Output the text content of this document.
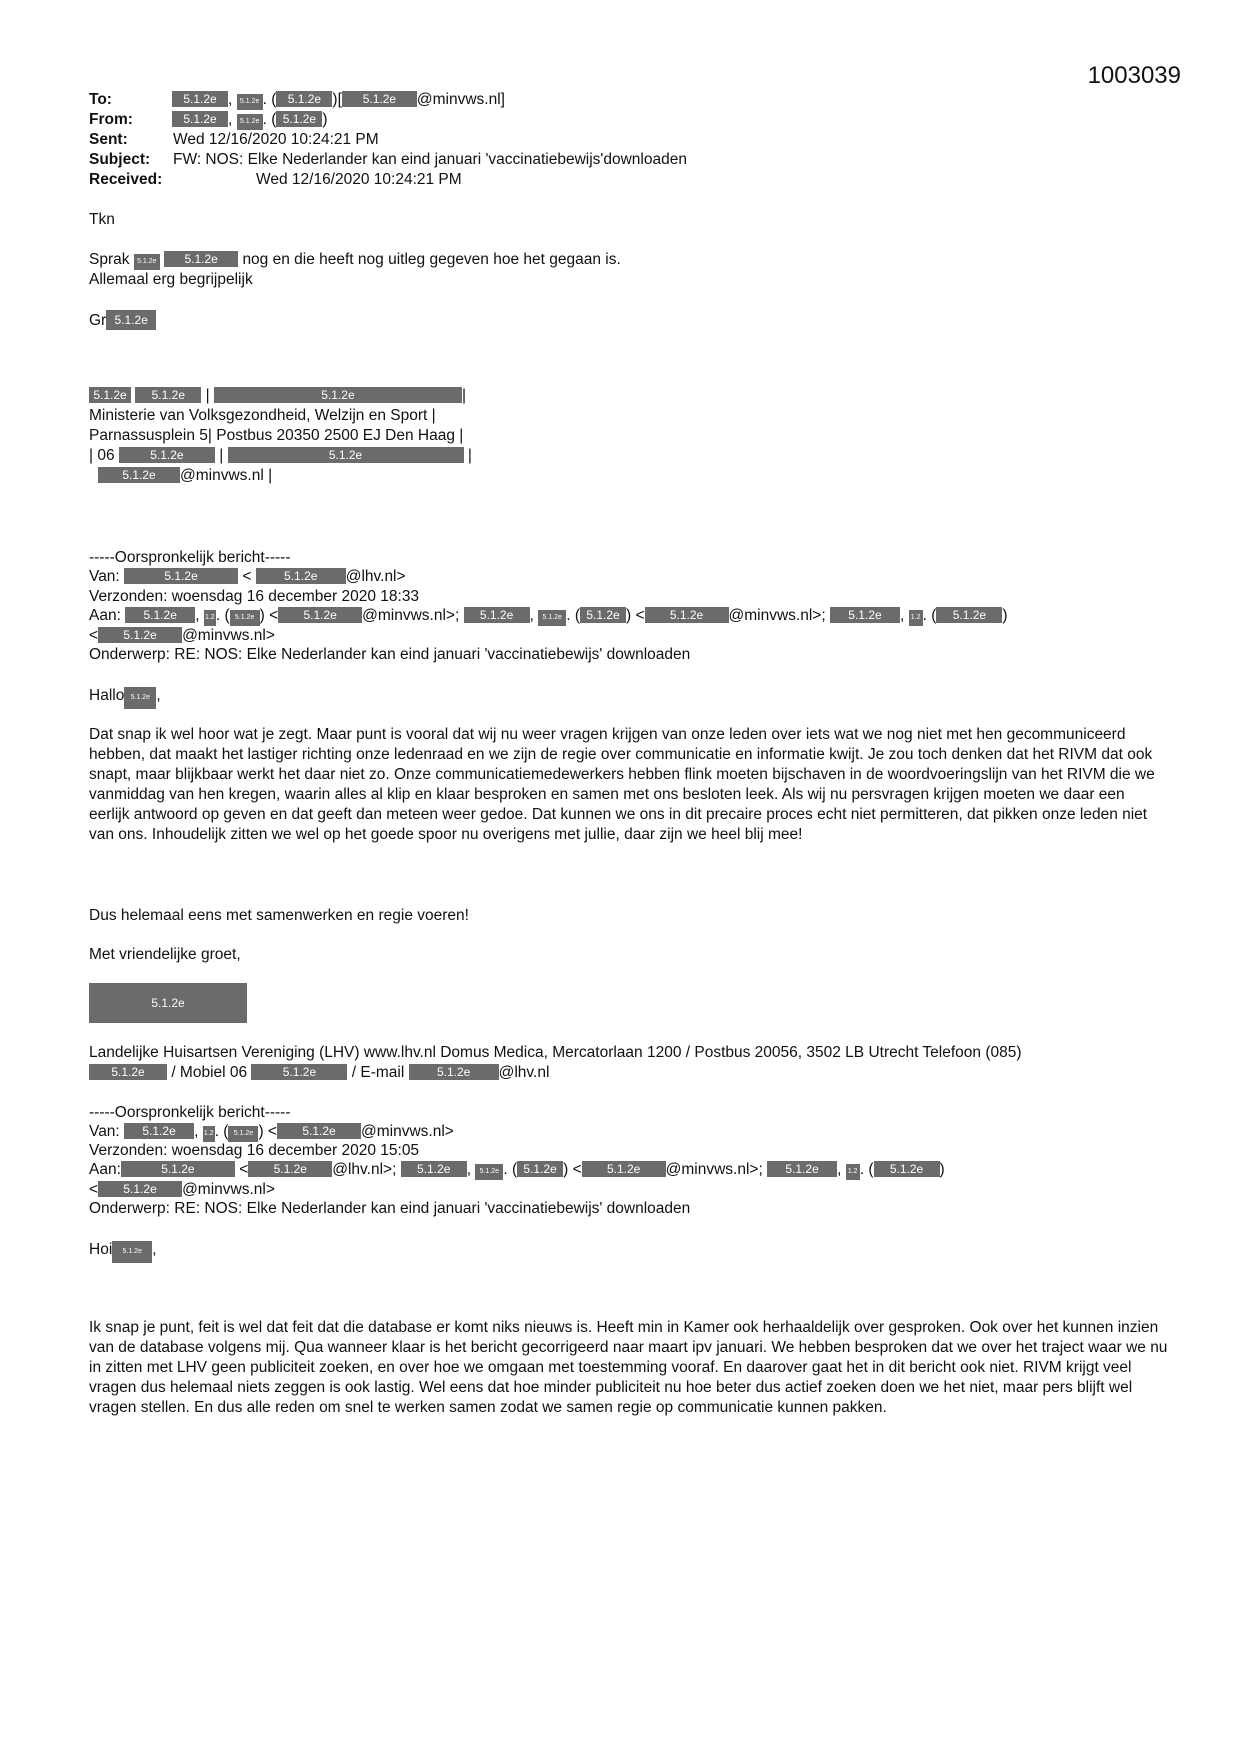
1003039
To:	5.1.2e , 5.1.2e . ( 5.1.2e )[ 5.1.2e @minvws.nl]
From:	5.1.2e , 5.1.2e . ( 5.1.2e )
Sent:	Wed 12/16/2020 10:24:21 PM
Subject: FW: NOS: Elke Nederlander kan eind januari 'vaccinatiebewijs'downloaden
Received:	Wed 12/16/2020 10:24:21 PM
Tkn
Sprak 5.1.2e 5.1.2e nog en die heeft nog uitleg gegeven hoe het gegaan is.
Allemaal erg begrijpelijk
Gr 5.1.2e
5.1.2e 5.1.2e |	5.1.2e	|
Ministerie van Volksgezondheid, Welzijn en Sport |
Parnassusplein 5| Postbus 20350 2500 EJ Den Haag |
| 06	5.1.2e |	5.1.2e	|
5.1.2e @minvws.nl |
-----Oorspronkelijk bericht-----
Van:	5.1.2e	< 5.1.2e @lhv.nl>
Verzonden: woensdag 16 december 2020 18:33
Aan: 5.1.2e , 1.2. ( 5.1.2e ) < 5.1.2e @minvws.nl>; 5.1.2e , 5.1.2e . ( 5.1.2e ) < 5.1.2e @minvws.nl>; 5.1.2e , 1.2 . ( 5.1.2e )
< 5.1.2e @minvws.nl>
Onderwerp: RE: NOS: Elke Nederlander kan eind januari 'vaccinatiebewijs' downloaden
Hallo 5.1.2e ,
Dat snap ik wel hoor wat je zegt. Maar punt is vooral dat wij nu weer vragen krijgen van onze leden over iets wat we nog niet met hen gecommuniceerd hebben, dat maakt het lastiger richting onze ledenraad en we zijn de regie over communicatie en informatie kwijt. Je zou toch denken dat het RIVM dat ook snapt, maar blijkbaar werkt het daar niet zo. Onze communicatiemedewerkers hebben flink moeten bijschaven in de woordvoeringslijn van het RIVM die we vanmiddag van hen kregen, waarin alles al klip en klaar besproken en samen met ons besloten leek. Als wij nu persvragen krijgen moeten we daar een eerlijk antwoord op geven en dat geeft dan meteen weer gedoe. Dat kunnen we ons in dit precaire proces echt niet permitteren, dat pikken onze leden niet van ons. Inhoudelijk zitten we wel op het goede spoor nu overigens met jullie, daar zijn we heel blij mee!
Dus helemaal eens met samenwerken en regie voeren!
Met vriendelijke groet,
5.1.2e
Landelijke Huisartsen Vereniging (LHV) www.lhv.nl Domus Medica, Mercatorlaan 1200 / Postbus 20056, 3502 LB Utrecht Telefoon (085)
5.1.2e / Mobiel 06	5.1.2e / E-mail	5.1.2e @lhv.nl
-----Oorspronkelijk bericht-----
Van: 5.1.2e , 1.2. ( 5.1.2e ) < 5.1.2e @minvws.nl>
Verzonden: woensdag 16 december 2020 15:05
Aan:	5.1.2e	< 5.1.2e @lhv.nl>; 5.1.2e , 5.1.2e . ( 5.1.2e ) < 5.1.2e @minvws.nl>; 5.1.2e , 1.2 . ( 5.1.2e )
< 5.1.2e @minvws.nl>
Onderwerp: RE: NOS: Elke Nederlander kan eind januari 'vaccinatiebewijs' downloaden
Hoi 5.1.2e ,
Ik snap je punt, feit is wel dat feit dat die database er komt niks nieuws is. Heeft min in Kamer ook herhaaldelijk over gesproken. Ook over het kunnen inzien van de database volgens mij. Qua wanneer klaar is het bericht gecorrigeerd naar maart ipv januari. We hebben besproken dat we over het traject waar we nu in zitten met LHV geen publiciteit zoeken, en over hoe we omgaan met toestemming vooraf. En daarover gaat het in dit bericht ook niet. RIVM krijgt veel vragen dus helemaal niets zeggen is ook lastig. Wel eens dat hoe minder publiciteit nu hoe beter dus actief zoeken doen we het niet, maar pers blijft wel vragen stellen. En dus alle reden om snel te werken samen zodat we samen regie op communicatie kunnen pakken.
